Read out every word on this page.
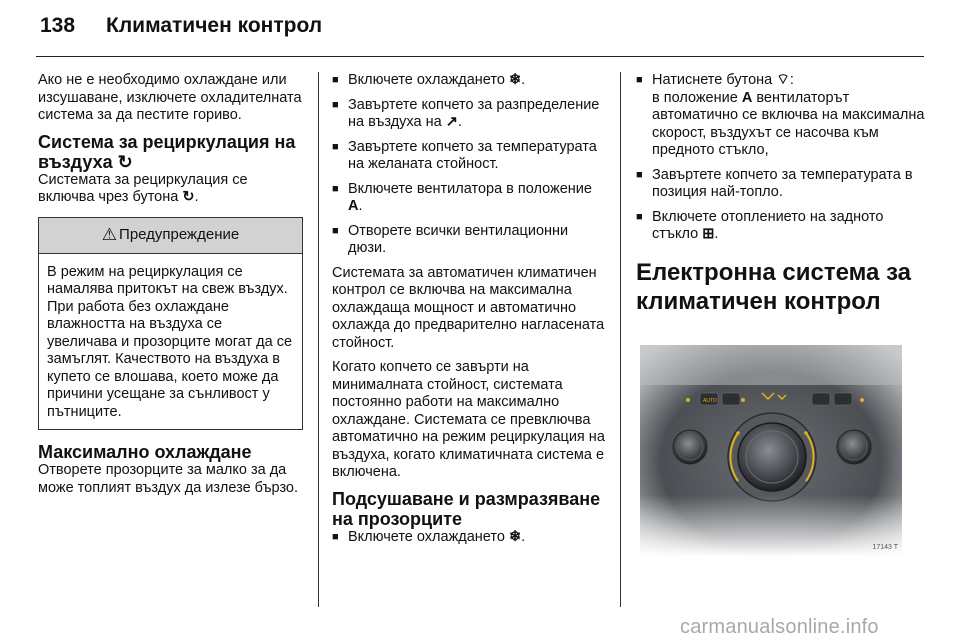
138	Климатичен контрол

Ако не е необходимо охлаждане или изсушаване, изключете охладителната система за да пестите гориво.

Система за рециркулация на въздуха ↻

Системата за рециркулация се включва чрез бутона ↻.

⚠ Предупреждение
В режим на рециркулация се намалява притокът на свеж въздух. При работа без охлаждане влажността на въздуха се увеличава и прозорците могат да се замъглят. Качеството на въздуха в купето се влошава, което може да причини усещане за сънливост у пътниците.
Максимално охлаждане

Отворете прозорците за малко за да може топлият въздух да излезе бързо.

■ Включете охлаждането ❄.
■ Завъртете копчето за разпределение на въздуха на ↗.
■ Завъртете копчето за температурата на желаната стойност.
■ Включете вентилатора в положение A.
■ Отворете всички вентилационни дюзи.

Системата за автоматичен климатичен контрол се включва на максимална охлаждаща мощност и автоматично охлажда до предварително нагласената стойност.

Когато копчето се завърти на минималната стойност, системата постоянно работи на максимално охлаждане. Системата се превключва автоматично на режим рециркулация на въздуха, когато климатичната система е включена.

Подсушаване и размразяване на прозорците
■ Включете охлаждането ❄.
■ Натиснете бутона ⌔:
в положение A вентилаторът автоматично се включва на максимална скорост, въздухът се насочва към предното стъкло,
■ Завъртете копчето за температурата в позиция най-топло.
■ Включете отоплението на задното стъкло ⊞.
Електронна система за климатичен контрол
AUTO
17143 T
carmanualsonline.info
